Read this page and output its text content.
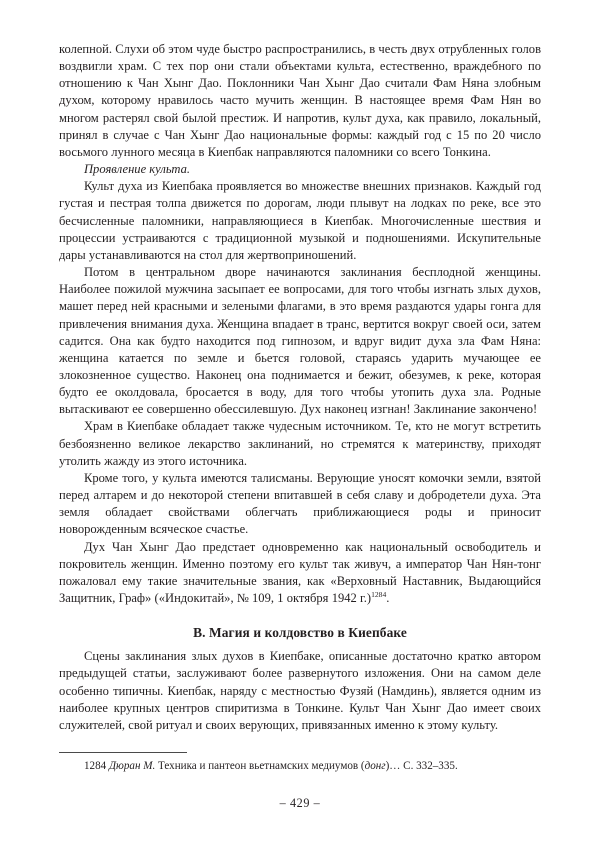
колепной. Слухи об этом чуде быстро распространились, в честь двух отрубленных голов воздвигли храм. С тех пор они стали объектами культа, естественно, враждебного по отношению к Чан Хынг Дао. Поклонники Чан Хынг Дао считали Фам Няна злобным духом, которому нравилось часто мучить женщин. В настоящее время Фам Нян во многом растерял свой былой престиж. И напротив, культ духа, как правило, локальный, принял в случае с Чан Хынг Дао национальные формы: каждый год с 15 по 20 число восьмого лунного месяца в Киепбак направляются паломники со всего Тонкина.

Проявление культа.

Культ духа из Киепбака проявляется во множестве внешних признаков. Каждый год густая и пестрая толпа движется по дорогам, люди плывут на лодках по реке, все это бесчисленные паломники, направляющиеся в Киепбак. Многочисленные шествия и процессии устраиваются с традиционной музыкой и подношениями. Искупительные дары устанавливаются на стол для жертвоприношений.

Потом в центральном дворе начинаются заклинания бесплодной женщины. Наиболее пожилой мужчина засыпает ее вопросами, для того чтобы изгнать злых духов, машет перед ней красными и зелеными флагами, в это время раздаются удары гонга для привлечения внимания духа. Женщина впадает в транс, вертится вокруг своей оси, затем садится. Она как будто находится под гипнозом, и вдруг видит духа зла Фам Няна: женщина катается по земле и бьется головой, стараясь ударить мучающее ее злокозненное существо. Наконец она поднимается и бежит, обезумев, к реке, которая будто ее околдовала, бросается в воду, для того чтобы утопить духа зла. Родные вытаскивают ее совершенно обессилевшую. Дух наконец изгнан! Заклинание закончено!

Храм в Киепбаке обладает также чудесным источником. Те, кто не могут встретить безбоязненно великое лекарство заклинаний, но стремятся к материнству, приходят утолить жажду из этого источника.

Кроме того, у культа имеются талисманы. Верующие уносят комочки земли, взятой перед алтарем и до некоторой степени впитавшей в себя славу и добродетели духа. Эта земля обладает свойствами облегчать приближающиеся роды и приносит новорожденным всяческое счастье.

Дух Чан Хынг Дао предстает одновременно как национальный освободитель и покровитель женщин. Именно поэтому его культ так живуч, а император Чан Нян-тонг пожаловал ему такие значительные звания, как «Верховный Наставник, Выдающийся Защитник, Граф» («Индокитай», № 109, 1 октября 1942 г.)$^{1284}$.

B. Магия и колдовство в Киепбаке

Сцены заклинания злых духов в Киепбаке, описанные достаточно кратко автором предыдущей статьи, заслуживают более развернутого изложения. Они на самом деле особенно типичны. Киепбак, наряду с местностью Фузяй (Намдинь), является одним из наиболее крупных центров спиритизма в Тонкине. Культ Чан Хынг Дао имеет своих служителей, свой ритуал и своих верующих, привязанных именно к этому культу.

1284 Дюран М. Техника и пантеон вьетнамских медиумов (донг)… С. 332–335.

– 429 –
